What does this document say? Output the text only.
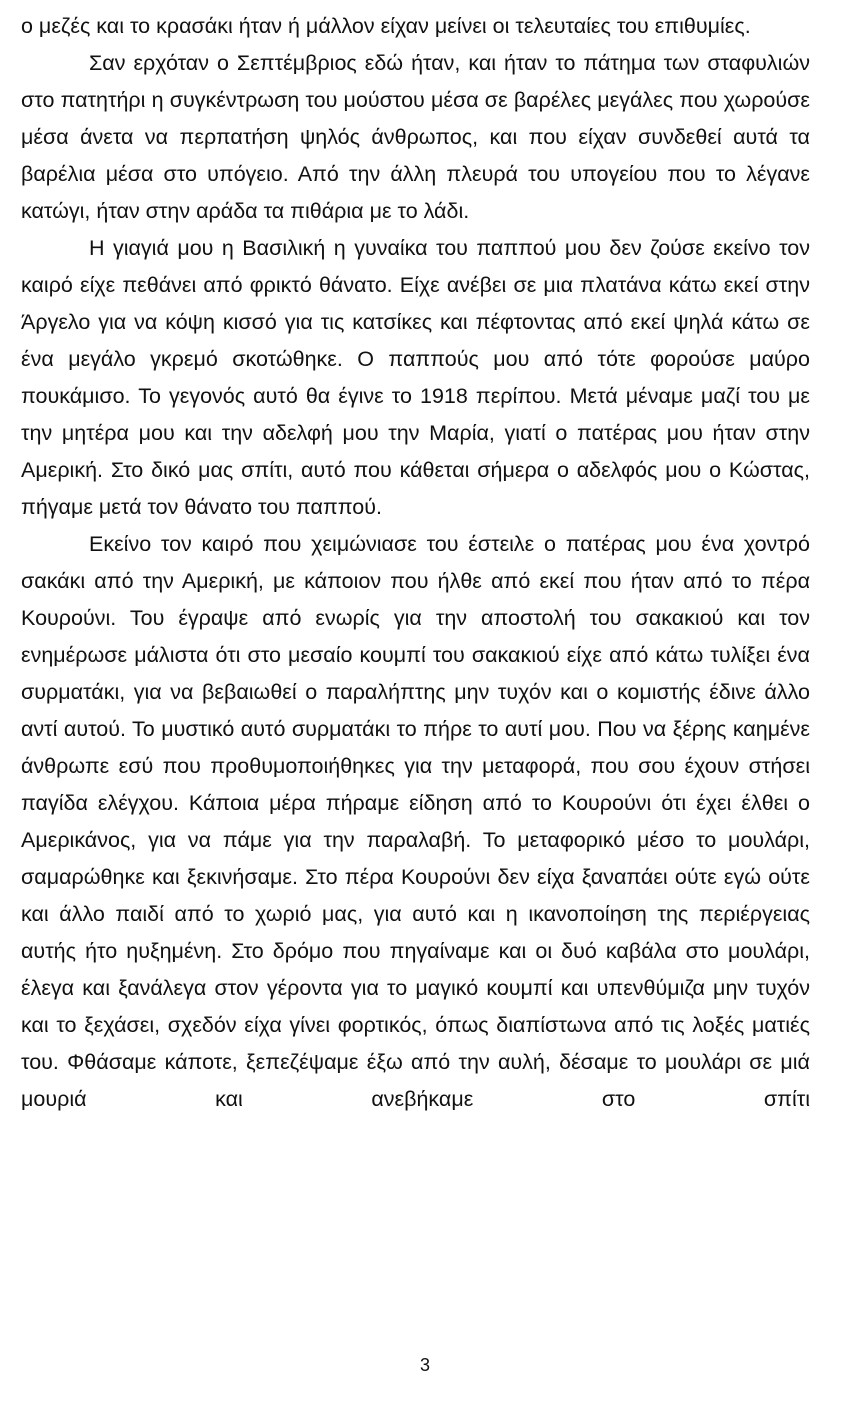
ο μεζές και το κρασάκι ήταν ή μάλλον είχαν μείνει οι τελευταίες του επιθυμίες.

Σαν ερχόταν ο Σεπτέμβριος εδώ ήταν, και ήταν το πάτημα των σταφυλιών στο πατητήρι η συγκέντρωση του μούστου μέσα σε βαρέλες μεγάλες που χωρούσε μέσα άνετα να περπατήση ψηλός άνθρωπος, και που είχαν συνδεθεί αυτά τα βαρέλια μέσα στο υπόγειο. Από την άλλη πλευρά του υπογείου που το λέγανε κατώγι, ήταν στην αράδα τα πιθάρια με το λάδι.

Η γιαγιά μου η Βασιλική η γυναίκα του παππού μου δεν ζούσε εκείνο τον καιρό είχε πεθάνει από φρικτό θάνατο. Είχε ανέβει σε μια πλατάνα κάτω εκεί στην Άργελο για να κόψη κισσό για τις κατσίκες και πέφτοντας από εκεί ψηλά κάτω σε ένα μεγάλο γκρεμό σκοτώθηκε. Ο παππούς μου από τότε φορούσε μαύρο πουκάμισο. Το γεγονός αυτό θα έγινε το 1918 περίπου. Μετά μέναμε μαζί του με την μητέρα μου και την αδελφή μου την Μαρία, γιατί ο πατέρας μου ήταν στην Αμερική. Στο δικό μας σπίτι, αυτό που κάθεται σήμερα ο αδελφός μου ο Κώστας, πήγαμε μετά τον θάνατο του παππού.

Εκείνο τον καιρό που χειμώνιασε του έστειλε ο πατέρας μου ένα χοντρό σακάκι από την Αμερική, με κάποιον που ήλθε από εκεί που ήταν από το πέρα Κουρούνι. Του έγραψε από ενωρίς για την αποστολή του σακακιού και τον ενημέρωσε μάλιστα ότι στο μεσαίο κουμπί του σακακιού είχε από κάτω τυλίξει ένα συρματάκι, για να βεβαιωθεί ο παραλήπτης μην τυχόν και ο κομιστής έδινε άλλο αντί αυτού. Το μυστικό αυτό συρματάκι το πήρε το αυτί μου. Που να ξέρης καημένε άνθρωπε εσύ που προθυμοποιήθηκες για την μεταφορά, που σου έχουν στήσει παγίδα ελέγχου. Κάποια μέρα πήραμε είδηση από το Κουρούνι ότι έχει έλθει ο Αμερικάνος, για να πάμε για την παραλαβή. Το μεταφορικό μέσο το μουλάρι, σαμαρώθηκε και ξεκινήσαμε. Στο πέρα Κουρούνι δεν είχα ξαναπάει ούτε εγώ ούτε και άλλο παιδί από το χωριό μας, για αυτό και η ικανοποίηση της περιέργειας αυτής ήτο ηυξημένη. Στο δρόμο που πηγαίναμε και οι δυό καβάλα στο μουλάρι, έλεγα και ξανάλεγα στον γέροντα για το μαγικό κουμπί και υπενθύμιζα μην τυχόν και το ξεχάσει, σχεδόν είχα γίνει φορτικός, όπως διαπίστωνα από τις λοξές ματιές του. Φθάσαμε κάποτε, ξεπεζέψαμε έξω από την αυλή, δέσαμε το μουλάρι σε μιά μουριά και ανεβήκαμε στο σπίτι

3
